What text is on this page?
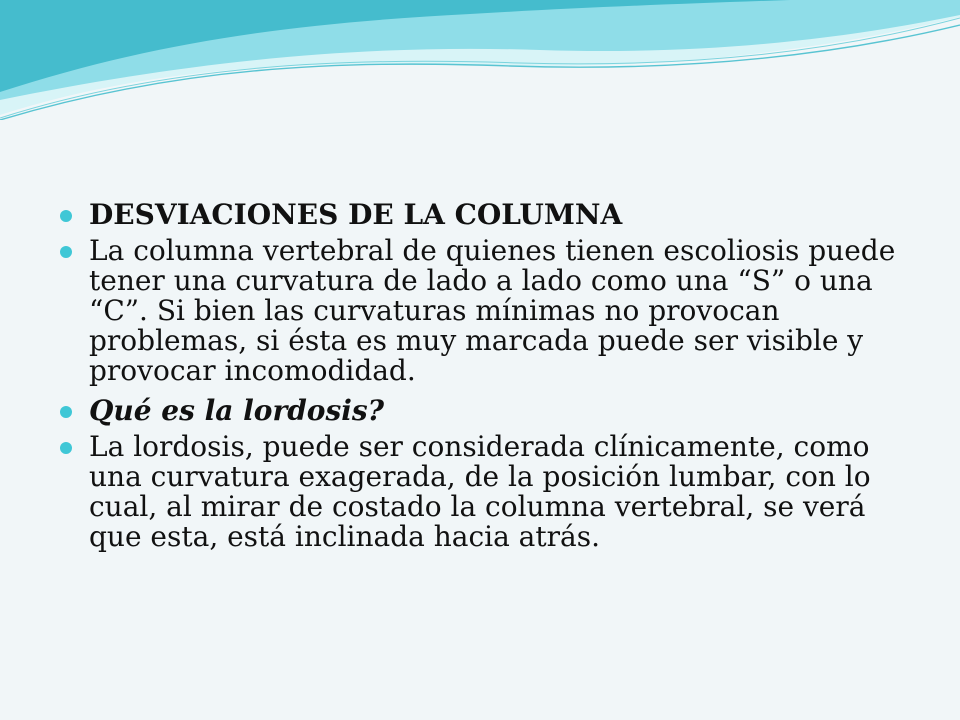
DESVIACIONES DE LA COLUMNA
La columna vertebral de quienes tienen escoliosis puede tener una curvatura de lado a lado como una “S” o una “C”. Si bien las curvaturas mínimas no provocan problemas, si ésta es muy marcada puede ser visible y provocar incomodidad.
Qué es la lordosis?
La lordosis, puede ser considerada clínicamente, como una curvatura exagerada, de la posición lumbar, con lo cual, al mirar de costado la columna vertebral, se verá que esta, está inclinada hacia atrás.
